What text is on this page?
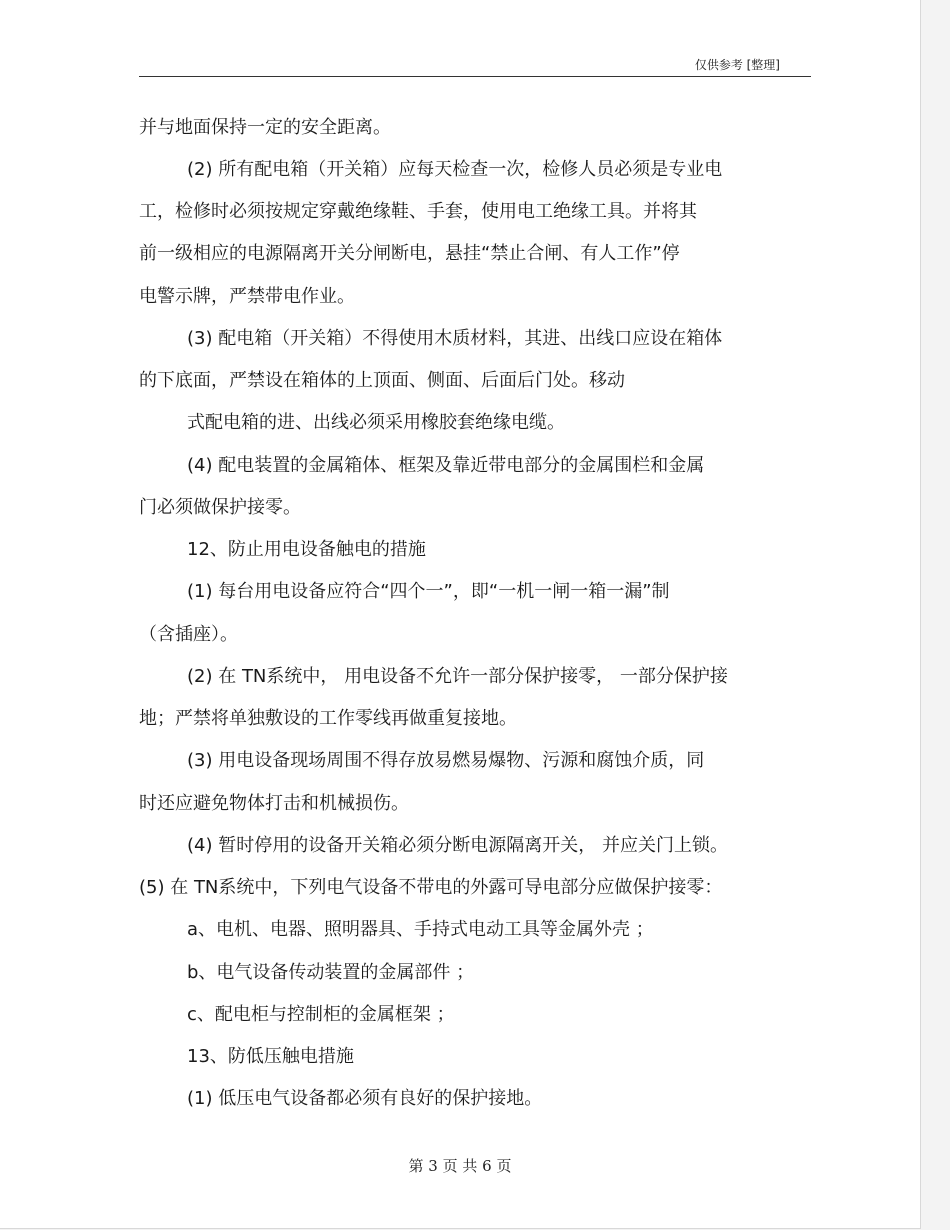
仅供参考 [整理]
并与地面保持一定的安全距离。
(2) 所有配电箱（开关箱）应每天检查一次，检修人员必须是专业电
工，检修时必须按规定穿戴绝缘鞋、手套，使用电工绝缘工具。并将其
前一级相应的电源隔离开关分闸断电，悬挂“禁止合闸、有人工作”停
电警示牌，严禁带电作业。
(3) 配电箱（开关箱）不得使用木质材料，其进、出线口应设在箱体
的下底面，严禁设在箱体的上顶面、侧面、后面后门处。移动
式配电箱的进、出线必须采用橡胶套绝缘电缆。
(4) 配电装置的金属箱体、框架及靠近带电部分的金属围栏和金属
门必须做保护接零。
12、防止用电设备触电的措施
(1) 每台用电设备应符合“四个一”，即“一机一闸一箱一漏”制
（含插座）。
(2) 在 TN系统中， 用电设备不允许一部分保护接零， 一部分保护接
地；严禁将单独敷设的工作零线再做重复接地。
(3) 用电设备现场周围不得存放易燃易爆物、污源和腐蚀介质，同
时还应避免物体打击和机械损伤。
(4) 暂时停用的设备开关箱必须分断电源隔离开关， 并应关门上锁。
(5) 在 TN系统中，下列电气设备不带电的外露可导电部分应做保护接零：
a、电机、电器、照明器具、手持式电动工具等金属外壳 ；
b、电气设备传动装置的金属部件 ；
c、配电柜与控制柜的金属框架 ；
13、防低压触电措施
(1) 低压电气设备都必须有良好的保护接地。
第 3 页 共 6 页
